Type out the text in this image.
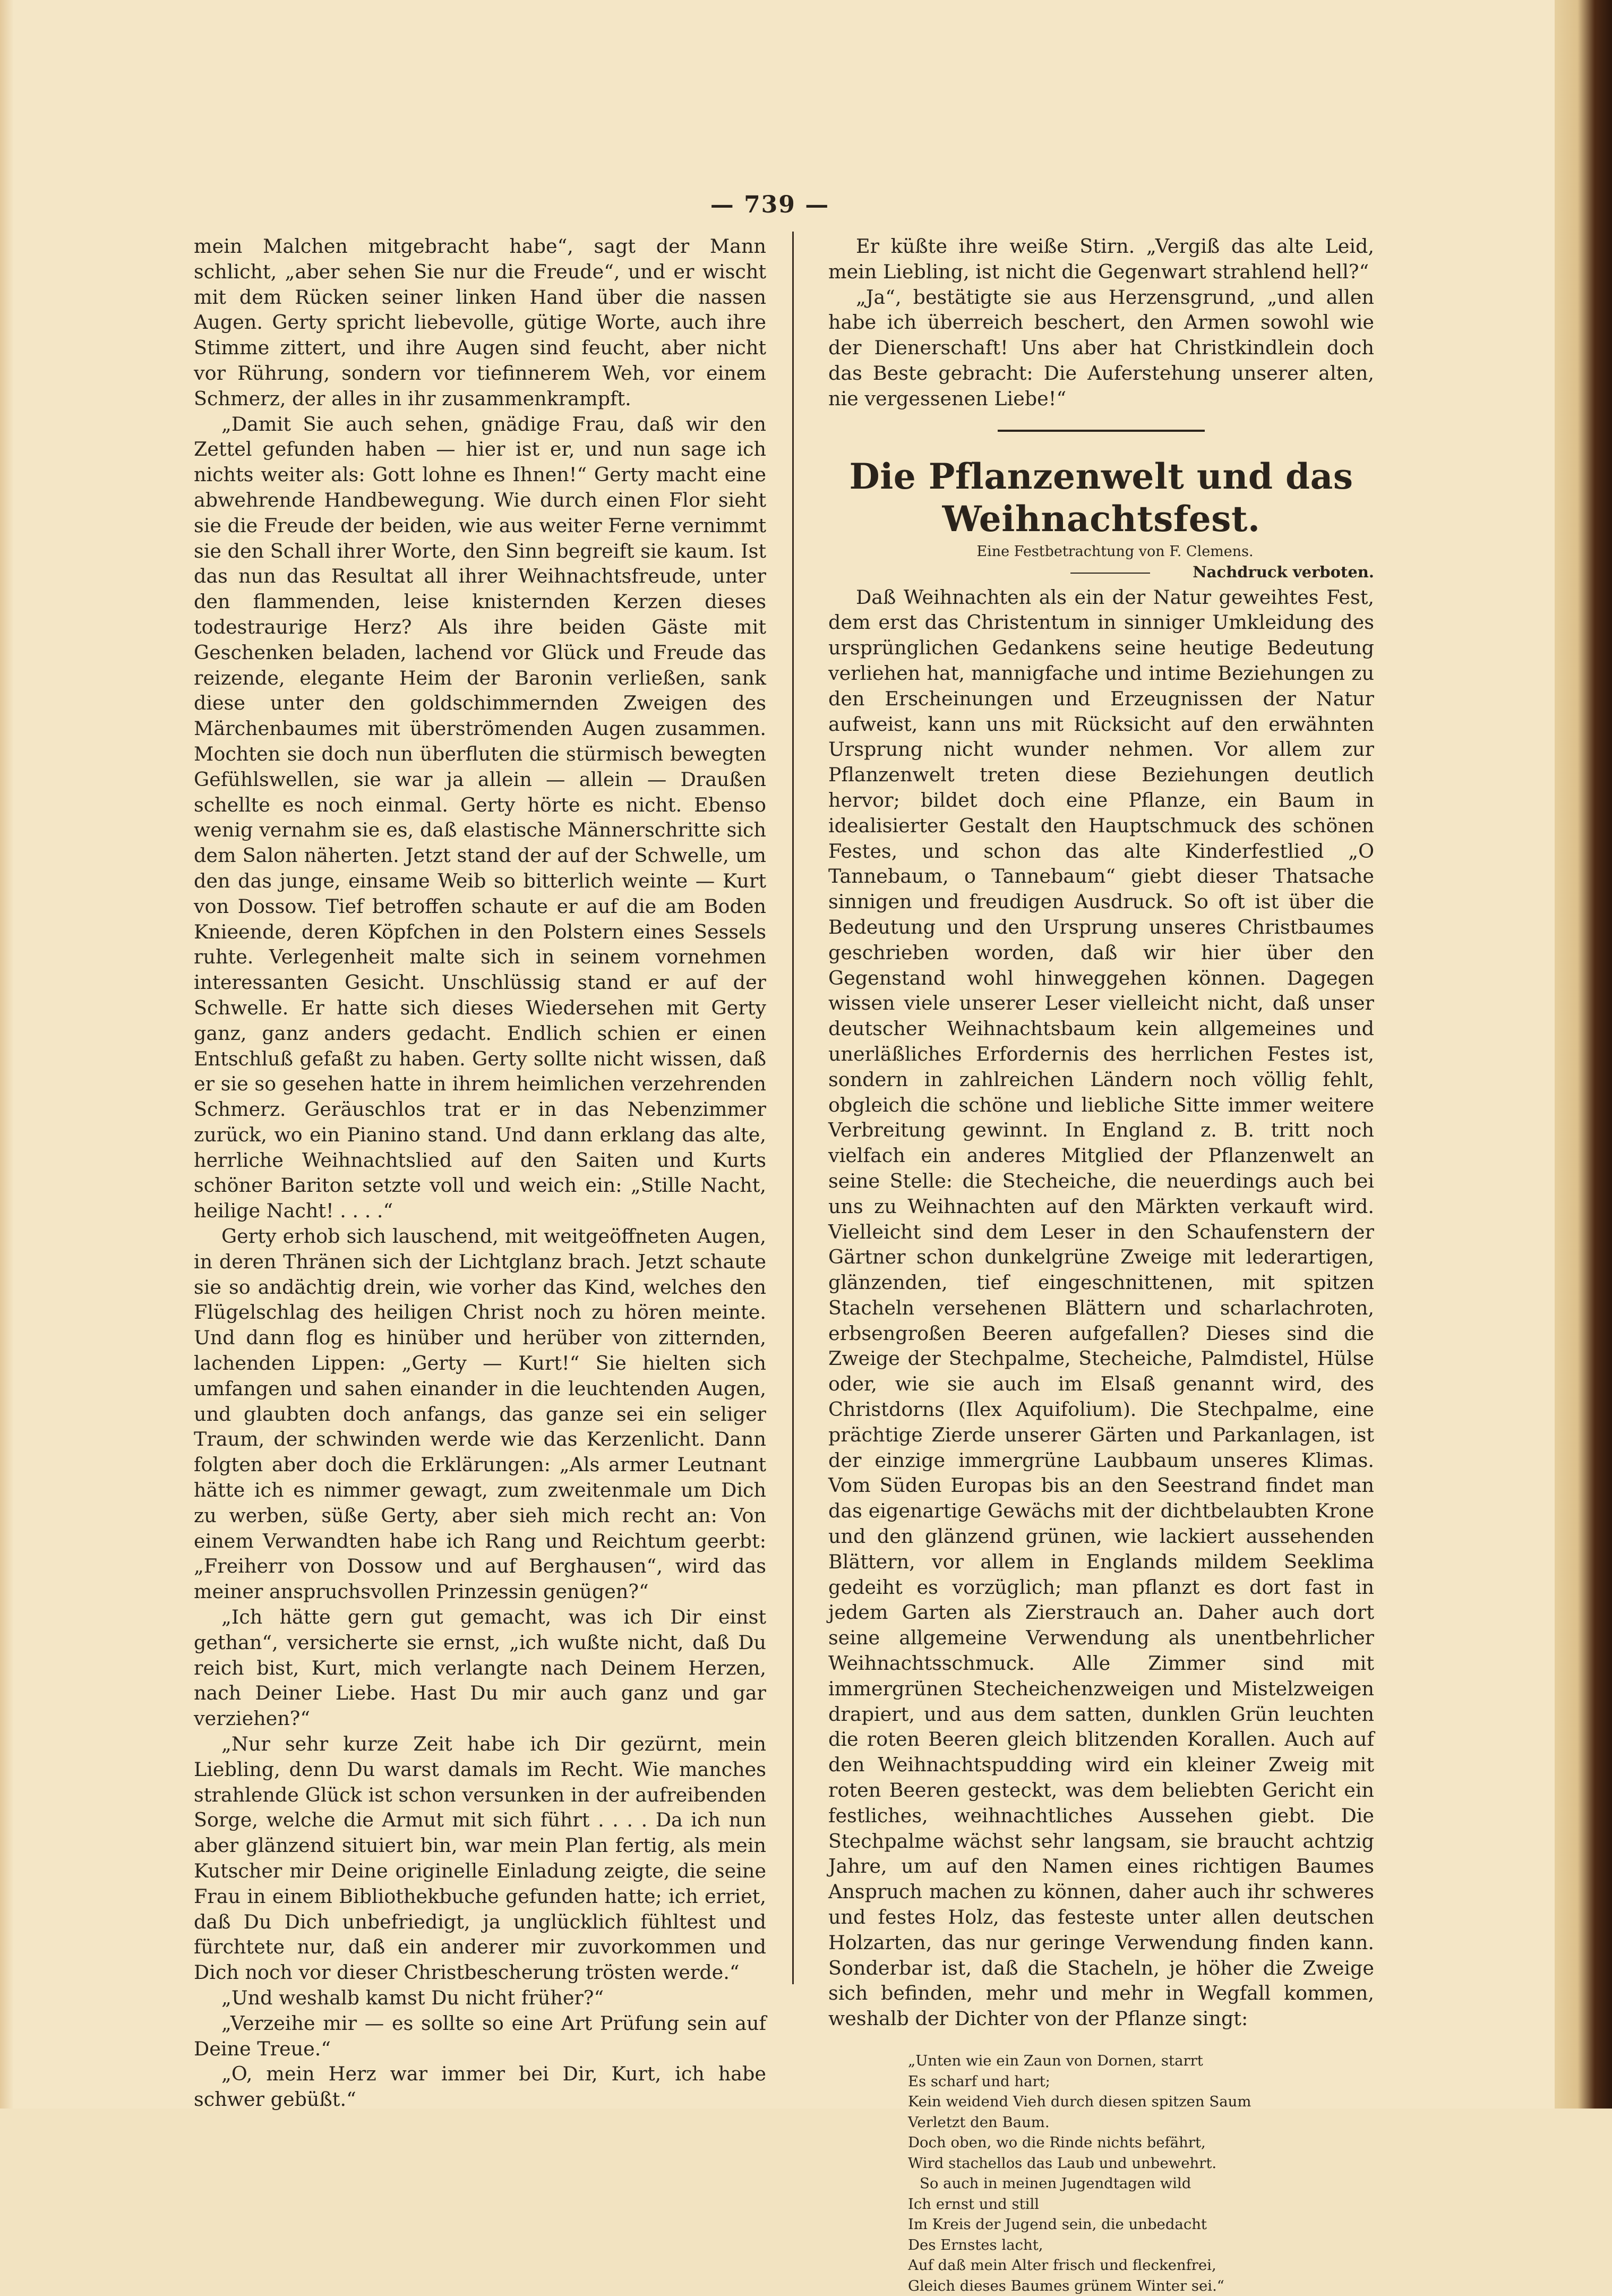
— 739 —

mein Malchen mitgebracht habe“, sagt der Mann schlicht, „aber sehen Sie nur die Freude“, und er wischt mit dem Rücken seiner linken Hand über die nassen Augen. Gerty spricht liebevolle, gütige Worte, auch ihre Stimme zittert, und ihre Augen sind feucht, aber nicht vor Rührung, sondern vor tiefinnerem Weh, vor einem Schmerz, der alles in ihr zusammenkrampft.

„Damit Sie auch sehen, gnädige Frau, daß wir den Zettel gefunden haben — hier ist er, und nun sage ich nichts weiter als: Gott lohne es Ihnen!“ Gerty macht eine abwehrende Handbewegung. Wie durch einen Flor sieht sie die Freude der beiden, wie aus weiter Ferne vernimmt sie den Schall ihrer Worte, den Sinn begreift sie kaum. Ist das nun das Resultat all ihrer Weihnachtsfreude, unter den flammenden, leise knisternden Kerzen dieses todestraurige Herz? Als ihre beiden Gäste mit Geschenken beladen, lachend vor Glück und Freude das reizende, elegante Heim der Baronin verließen, sank diese unter den goldschimmernden Zweigen des Märchenbaumes mit überströmenden Augen zusammen. Mochten sie doch nun überfluten die stürmisch bewegten Gefühlswellen, sie war ja allein — allein — Draußen schellte es noch einmal. Gerty hörte es nicht. Ebenso wenig vernahm sie es, daß elastische Männerschritte sich dem Salon näherten. Jetzt stand der auf der Schwelle, um den das junge, einsame Weib so bitterlich weinte — Kurt von Dossow. Tief betroffen schaute er auf die am Boden Knieende, deren Köpfchen in den Polstern eines Sessels ruhte. Verlegenheit malte sich in seinem vornehmen interessanten Gesicht. Unschlüssig stand er auf der Schwelle. Er hatte sich dieses Wiedersehen mit Gerty ganz, ganz anders gedacht. Endlich schien er einen Entschluß gefaßt zu haben. Gerty sollte nicht wissen, daß er sie so gesehen hatte in ihrem heimlichen verzehrenden Schmerz. Geräuschlos trat er in das Nebenzimmer zurück, wo ein Pianino stand. Und dann erklang das alte, herrliche Weihnachtslied auf den Saiten und Kurts schöner Bariton setzte voll und weich ein: „Stille Nacht, heilige Nacht! . . . .“

Gerty erhob sich lauschend, mit weitgeöffneten Augen, in deren Thränen sich der Lichtglanz brach. Jetzt schaute sie so andächtig drein, wie vorher das Kind, welches den Flügelschlag des heiligen Christ noch zu hören meinte. Und dann flog es hinüber und herüber von zitternden, lachenden Lippen: „Gerty — Kurt!“ Sie hielten sich umfangen und sahen einander in die leuchtenden Augen, und glaubten doch anfangs, das ganze sei ein seliger Traum, der schwinden werde wie das Kerzenlicht. Dann folgten aber doch die Erklärungen: „Als armer Leutnant hätte ich es nimmer gewagt, zum zweitenmale um Dich zu werben, süße Gerty, aber sieh mich recht an: Von einem Verwandten habe ich Rang und Reichtum geerbt: „Freiherr von Dossow und auf Berghausen“, wird das meiner anspruchsvollen Prinzessin genügen?“

„Ich hätte gern gut gemacht, was ich Dir einst gethan“, versicherte sie ernst, „ich wußte nicht, daß Du reich bist, Kurt, mich verlangte nach Deinem Herzen, nach Deiner Liebe. Hast Du mir auch ganz und gar verziehen?“

„Nur sehr kurze Zeit habe ich Dir gezürnt, mein Liebling, denn Du warst damals im Recht. Wie manches strahlende Glück ist schon versunken in der aufreibenden Sorge, welche die Armut mit sich führt . . . . Da ich nun aber glänzend situiert bin, war mein Plan fertig, als mein Kutscher mir Deine originelle Einladung zeigte, die seine Frau in einem Bibliothekbuche gefunden hatte; ich erriet, daß Du Dich unbefriedigt, ja unglücklich fühltest und fürchtete nur, daß ein anderer mir zuvorkommen und Dich noch vor dieser Christbescherung trösten werde.“

„Und weshalb kamst Du nicht früher?“

„Verzeihe mir — es sollte so eine Art Prüfung sein auf Deine Treue.“

„O, mein Herz war immer bei Dir, Kurt, ich habe schwer gebüßt.“

Er küßte ihre weiße Stirn. „Vergiß das alte Leid, mein Liebling, ist nicht die Gegenwart strahlend hell?“

„Ja“, bestätigte sie aus Herzensgrund, „und allen habe ich überreich beschert, den Armen sowohl wie der Dienerschaft! Uns aber hat Christkindlein doch das Beste gebracht: Die Auferstehung unserer alten, nie vergessenen Liebe!“

Die Pflanzenwelt und das Weihnachtsfest.

Eine Festbetrachtung von F. Clemens.

Nachdruck verboten.

Daß Weihnachten als ein der Natur geweihtes Fest, dem erst das Christentum in sinniger Umkleidung des ursprünglichen Gedankens seine heutige Bedeutung verliehen hat, mannigfache und intime Beziehungen zu den Erscheinungen und Erzeugnissen der Natur aufweist, kann uns mit Rücksicht auf den erwähnten Ursprung nicht wunder nehmen. Vor allem zur Pflanzenwelt treten diese Beziehungen deutlich hervor; bildet doch eine Pflanze, ein Baum in idealisierter Gestalt den Hauptschmuck des schönen Festes, und schon das alte Kinderfestlied „O Tannebaum, o Tannebaum“ giebt dieser Thatsache sinnigen und freudigen Ausdruck. So oft ist über die Bedeutung und den Ursprung unseres Christbaumes geschrieben worden, daß wir hier über den Gegenstand wohl hinweggehen können. Dagegen wissen viele unserer Leser vielleicht nicht, daß unser deutscher Weihnachtsbaum kein allgemeines und unerläßliches Erfordernis des herrlichen Festes ist, sondern in zahlreichen Ländern noch völlig fehlt, obgleich die schöne und liebliche Sitte immer weitere Verbreitung gewinnt. In England z. B. tritt noch vielfach ein anderes Mitglied der Pflanzenwelt an seine Stelle: die Stecheiche, die neuerdings auch bei uns zu Weihnachten auf den Märkten verkauft wird. Vielleicht sind dem Leser in den Schaufenstern der Gärtner schon dunkelgrüne Zweige mit lederartigen, glänzenden, tief eingeschnittenen, mit spitzen Stacheln versehenen Blättern und scharlachroten, erbsengroßen Beeren aufgefallen? Dieses sind die Zweige der Stechpalme, Stecheiche, Palmdistel, Hülse oder, wie sie auch im Elsaß genannt wird, des Christdorns (Ilex Aquifolium). Die Stechpalme, eine prächtige Zierde unserer Gärten und Parkanlagen, ist der einzige immergrüne Laubbaum unseres Klimas. Vom Süden Europas bis an den Seestrand findet man das eigenartige Gewächs mit der dichtbelaubten Krone und den glänzend grünen, wie lackiert aussehenden Blättern, vor allem in Englands mildem Seeklima gedeiht es vorzüglich; man pflanzt es dort fast in jedem Garten als Zierstrauch an. Daher auch dort seine allgemeine Verwendung als unentbehrlicher Weihnachtsschmuck. Alle Zimmer sind mit immergrünen Stecheichenzweigen und Mistelzweigen drapiert, und aus dem satten, dunklen Grün leuchten die roten Beeren gleich blitzenden Korallen. Auch auf den Weihnachtspudding wird ein kleiner Zweig mit roten Beeren gesteckt, was dem beliebten Gericht ein festliches, weihnachtliches Aussehen giebt. Die Stechpalme wächst sehr langsam, sie braucht achtzig Jahre, um auf den Namen eines richtigen Baumes Anspruch machen zu können, daher auch ihr schweres und festes Holz, das festeste unter allen deutschen Holzarten, das nur geringe Verwendung finden kann. Sonderbar ist, daß die Stacheln, je höher die Zweige sich befinden, mehr und mehr in Wegfall kommen, weshalb der Dichter von der Pflanze singt:

„Unten wie ein Zaun von Dornen, starrt
Es scharf und hart;
Kein weidend Vieh durch diesen spitzen Saum
Verletzt den Baum.
Doch oben, wo die Rinde nichts befährt,
Wird stachellos das Laub und unbewehrt.
So auch in meinen Jugendtagen wild
Ich ernst und still
Im Kreis der Jugend sein, die unbedacht
Des Ernstes lacht,
Auf daß mein Alter frisch und fleckenfrei,
Gleich dieses Baumes grünem Winter sei.“
